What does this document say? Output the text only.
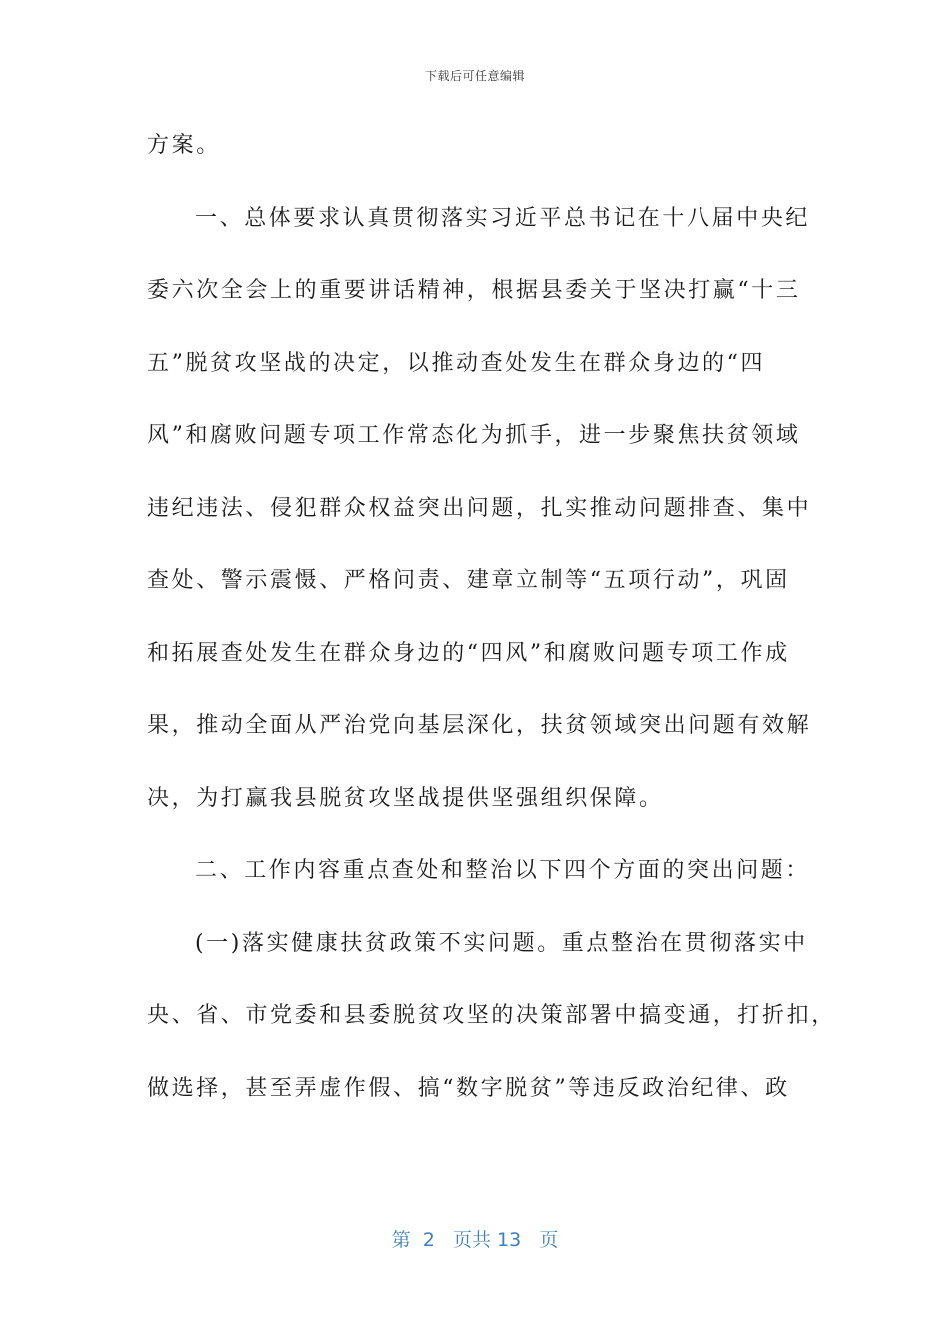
下载后可任意编辑
方案。
一、总体要求认真贯彻落实习近平总书记在十八届中央纪
委六次全会上的重要讲话精神，根据县委关于坚决打赢“十三
五”脱贫攻坚战的决定，以推动查处发生在群众身边的“四
风”和腐败问题专项工作常态化为抓手，进一步聚焦扶贫领域
违纪违法、侵犯群众权益突出问题，扎实推动问题排查、集中
查处、警示震慑、严格问责、建章立制等“五项行动”，巩固
和拓展查处发生在群众身边的“四风”和腐败问题专项工作成
果，推动全面从严治党向基层深化，扶贫领域突出问题有效解
决，为打赢我县脱贫攻坚战提供坚强组织保障。
二、工作内容重点查处和整治以下四个方面的突出问题：
(一)落实健康扶贫政策不实问题。重点整治在贯彻落实中
央、省、市党委和县委脱贫攻坚的决策部署中搞变通，打折扣，
做选择，甚至弄虚作假、搞“数字脱贫”等违反政治纪律、政
第 2 页共 13 页
